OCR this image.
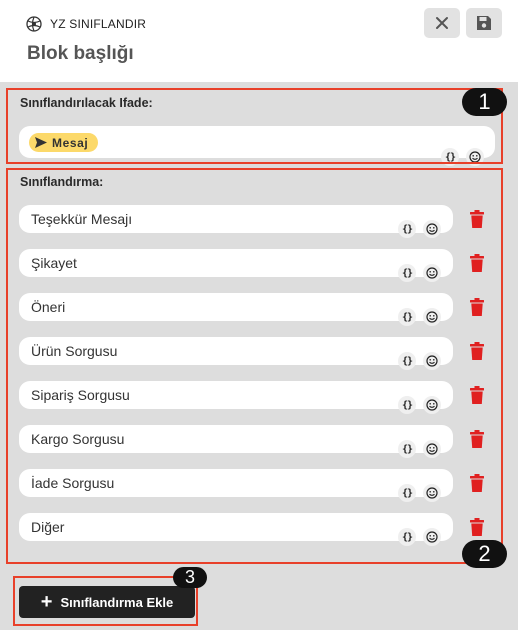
YZ SINIFLANDIR
Blok başlığı
Sınıflandırılacak Ifade:
Mesaj
{}
Sınıflandırma:
Teşekkür Mesajı
{}
Şikayet
{}
Öneri
{}
Ürün Sorgusu
{}
Sipariş Sorgusu
{}
Kargo Sorgusu
{}
İade Sorgusu
{}
Diğer
{}
+ Sınıflandırma Ekle
1
2
3
